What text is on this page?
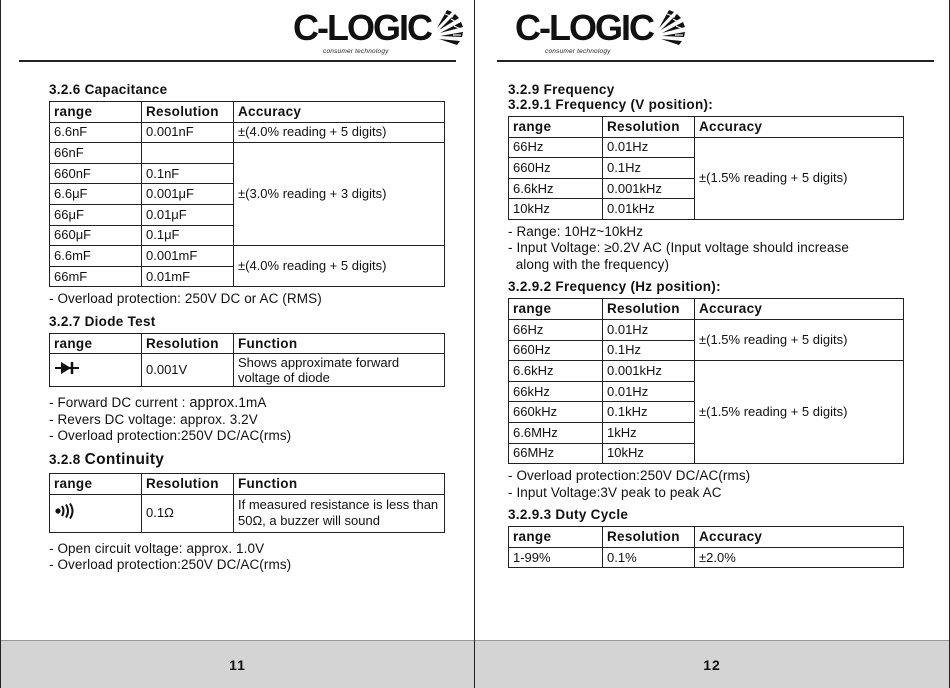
C-LOGIC
consumer technology
3.2.6 Capacitance
range	Resolution	Accuracy
6.6nF	0.001nF	±(4.0% reading + 5 digits)
66nF		±(3.0% reading + 3 digits)
660nF	0.1nF	
6.6μF	0.001μF	
66μF	0.01μF	
660μF	0.1μF	
6.6mF	0.001mF	±(4.0% reading + 5 digits)
66mF	0.01mF	
- Overload protection: 250V DC or AC (RMS)
3.2.7 Diode Test
range	Resolution	Function
	0.001V	Shows approximate forward voltage of diode
- Forward DC current : approx.1mA
- Revers DC voltage: approx. 3.2V
- Overload protection:250V DC/AC(rms)
3.2.8 Continuity
range	Resolution	Function
	0.1Ω	If measured resistance is less than 50Ω, a buzzer will sound
- Open circuit voltage: approx. 1.0V
- Overload protection:250V DC/AC(rms)
11
C-LOGIC
consumer technology
3.2.9 Frequency
3.2.9.1 Frequency (V position):
range	Resolution	Accuracy
66Hz	0.01Hz	±(1.5% reading + 5 digits)
660Hz	0.1Hz	
6.6kHz	0.001kHz	
10kHz	0.01kHz	
- Range: 10Hz~10kHz
- Input Voltage: ≥0.2V AC (Input voltage should increase
along with the frequency)
3.2.9.2 Frequency (Hz position):
range	Resolution	Accuracy
66Hz	0.01Hz	±(1.5% reading + 5 digits)
660Hz	0.1Hz	
6.6kHz	0.001kHz	±(1.5% reading + 5 digits)
66kHz	0.01Hz	
660kHz	0.1kHz	
6.6MHz	1kHz	
66MHz	10kHz	
- Overload protection:250V DC/AC(rms)
- Input Voltage:3V peak to peak AC
3.2.9.3 Duty Cycle
range	Resolution	Accuracy
1-99%	0.1%	±2.0%
12
